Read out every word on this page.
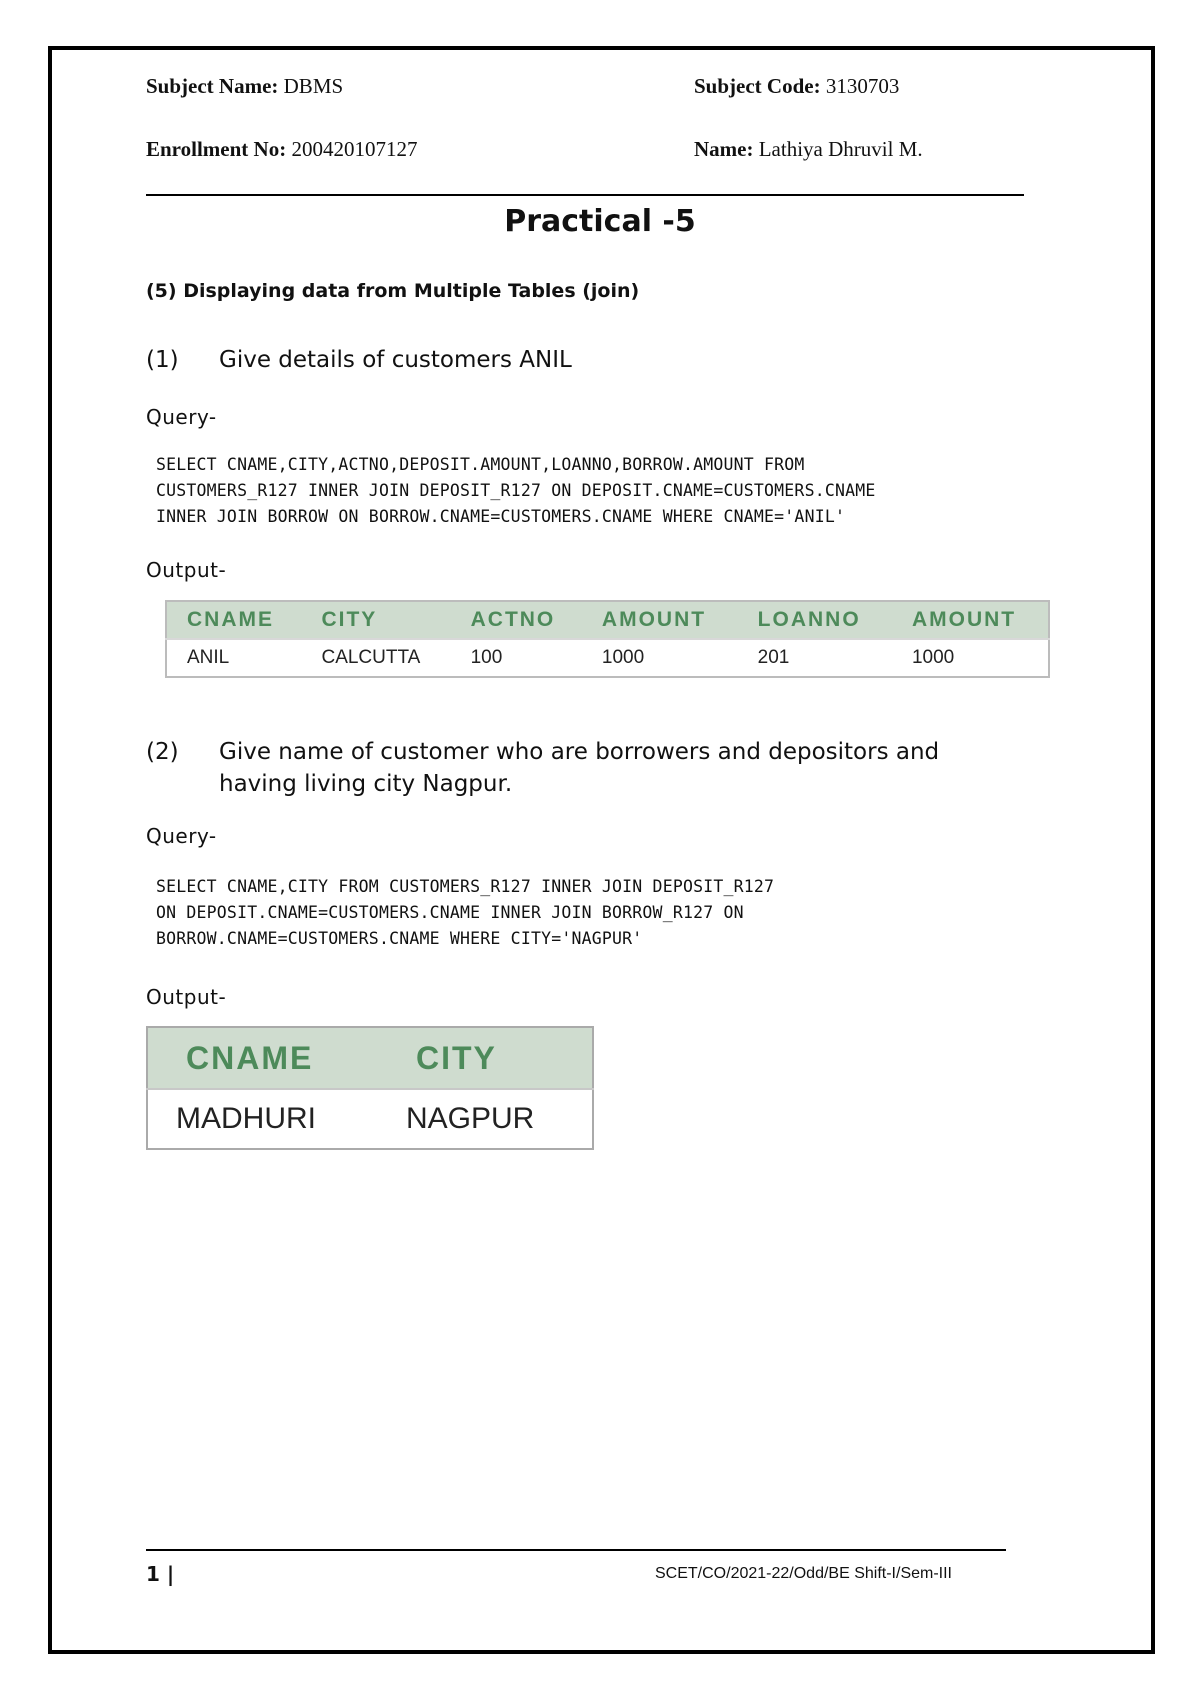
Subject Name: DBMS	Subject Code: 3130703
Enrollment No: 200420107127	Name: Lathiya Dhruvil M.
Practical -5
(5) Displaying data from Multiple Tables (join)
(1) Give details of customers ANIL
Query-
SELECT CNAME,CITY,ACTNO,DEPOSIT.AMOUNT,LOANNO,BORROW.AMOUNT FROM
CUSTOMERS_R127 INNER JOIN DEPOSIT_R127 ON DEPOSIT.CNAME=CUSTOMERS.CNAME
INNER JOIN BORROW ON BORROW.CNAME=CUSTOMERS.CNAME WHERE CNAME='ANIL'
Output-
CNAME	CITY	ACTNO	AMOUNT	LOANNO	AMOUNT
ANIL	CALCUTTA	100	1000	201	1000
(2) Give name of customer who are borrowers and depositors and
having living city Nagpur.
Query-
SELECT CNAME,CITY FROM CUSTOMERS_R127 INNER JOIN DEPOSIT_R127
ON DEPOSIT.CNAME=CUSTOMERS.CNAME INNER JOIN BORROW_R127 ON
BORROW.CNAME=CUSTOMERS.CNAME WHERE CITY='NAGPUR'
Output-
CNAME	CITY
MADHURI	NAGPUR
1 |	SCET/CO/2021-22/Odd/BE Shift-I/Sem-III
